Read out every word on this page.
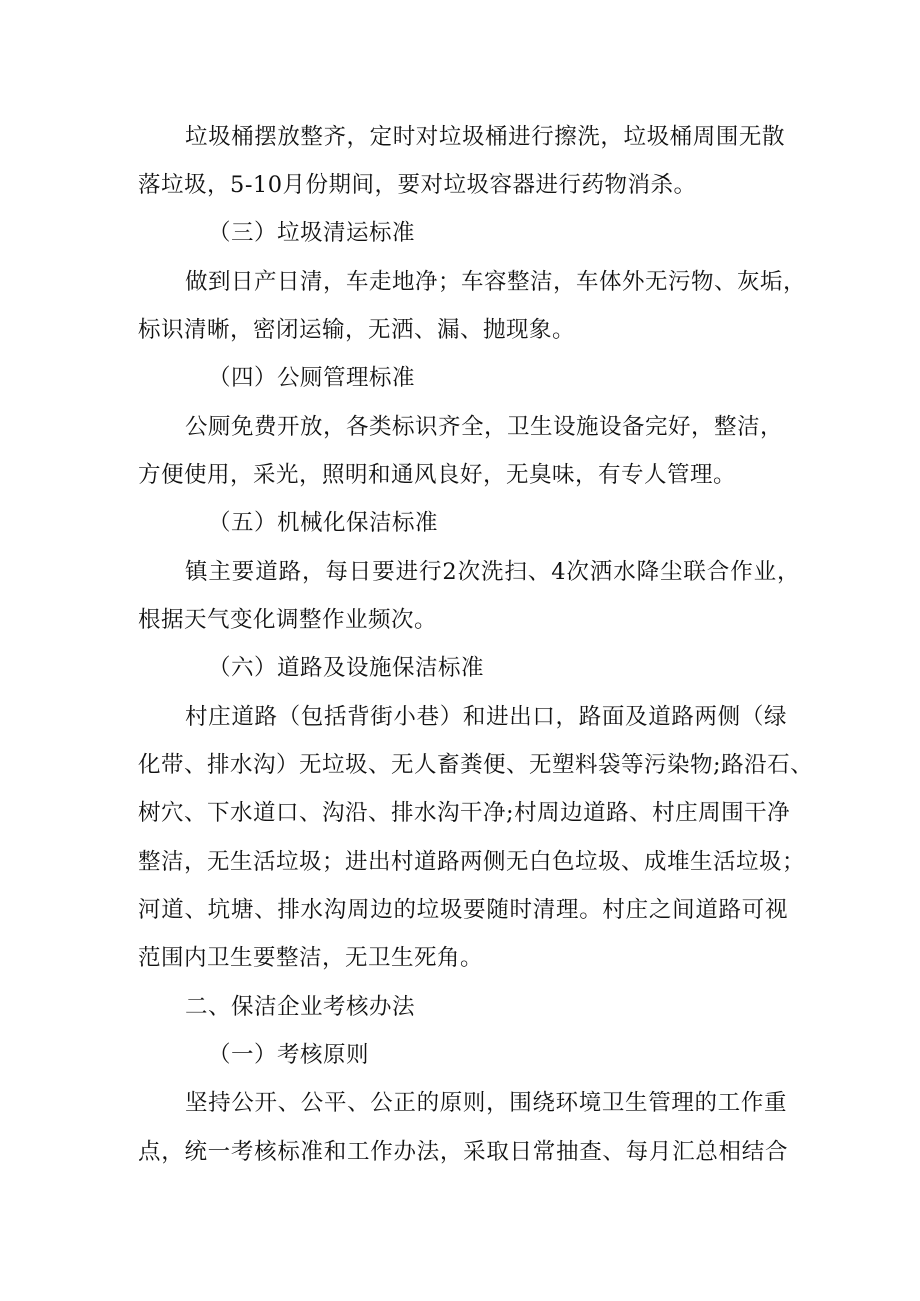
垃圾桶摆放整齐，定时对垃圾桶进行擦洗，垃圾桶周围无散
落垃圾，5-10月份期间，要对垃圾容器进行药物消杀。
（三）垃圾清运标准
做到日产日清，车走地净；车容整洁，车体外无污物、灰垢，
标识清晰，密闭运输，无洒、漏、抛现象。
（四）公厕管理标准
公厕免费开放，各类标识齐全，卫生设施设备完好，整洁，
方便使用，采光，照明和通风良好，无臭味，有专人管理。
（五）机械化保洁标准
镇主要道路，每日要进行2次洗扫、4次洒水降尘联合作业，
根据天气变化调整作业频次。
（六）道路及设施保洁标准
村庄道路（包括背街小巷）和进出口，路面及道路两侧（绿
化带、排水沟）无垃圾、无人畜粪便、无塑料袋等污染物;路沿石、
树穴、下水道口、沟沿、排水沟干净;村周边道路、村庄周围干净
整洁，无生活垃圾；进出村道路两侧无白色垃圾、成堆生活垃圾；
河道、坑塘、排水沟周边的垃圾要随时清理。村庄之间道路可视
范围内卫生要整洁，无卫生死角。
二、保洁企业考核办法
（一）考核原则
坚持公开、公平、公正的原则，围绕环境卫生管理的工作重
点，统一考核标准和工作办法，采取日常抽查、每月汇总相结合
